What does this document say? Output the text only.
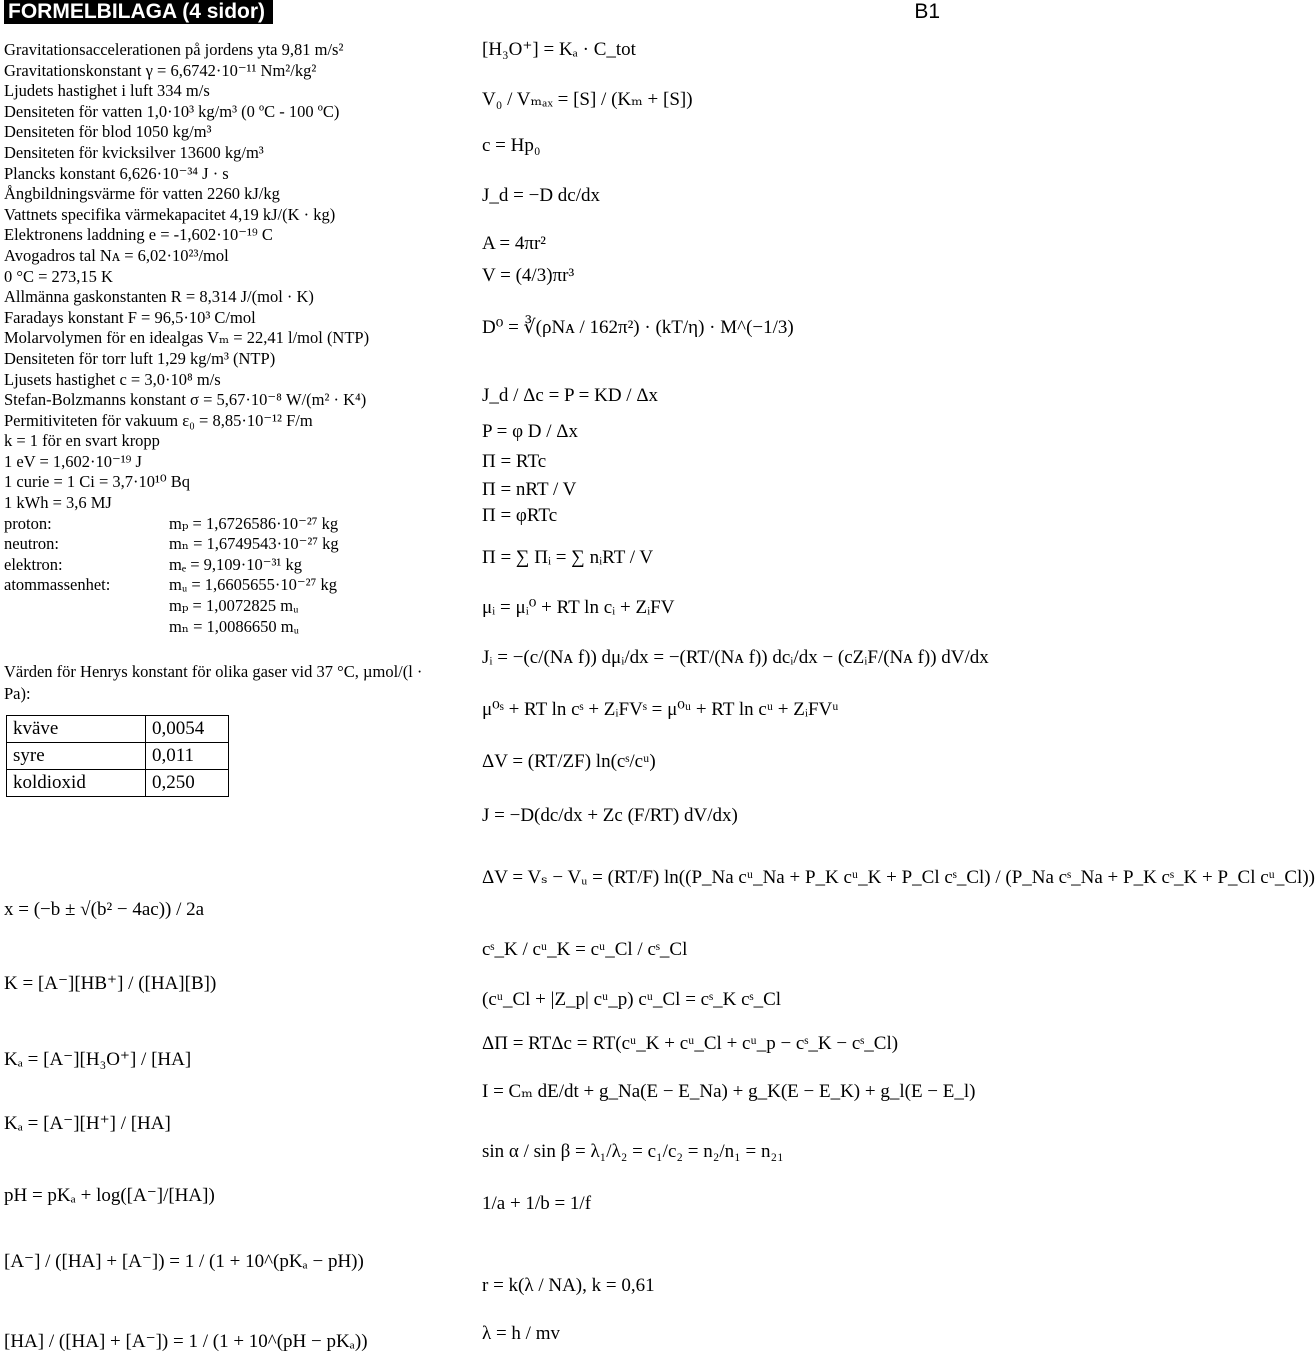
FORMELBILAGA (4 sidor)	B1
Gravitationsaccelerationen på jordens yta 9,81 m/s²
Gravitationskonstant γ = 6,6742·10⁻¹¹ Nm²/kg²
Ljudets hastighet i luft 334 m/s
Densiteten för vatten 1,0·10³ kg/m³ (0 ºC - 100 ºC)
Densiteten för blod 1050 kg/m³
Densiteten för kvicksilver 13600 kg/m³
Plancks konstant 6,626·10⁻³⁴ J · s
Ångbildningsvärme för vatten 2260 kJ/kg
Vattnets specifika värmekapacitet 4,19 kJ/(K · kg)
Elektronens laddning e = -1,602·10⁻¹⁹ C
Avogadros tal Nᴀ = 6,02·10²³/mol
0 °C = 273,15 K
Allmänna gaskonstanten R = 8,314 J/(mol · K)
Faradays konstant F = 96,5·10³ C/mol
Molarvolymen för en idealgas Vₘ = 22,41 l/mol (NTP)
Densiteten för torr luft 1,29 kg/m³ (NTP)
Ljusets hastighet c = 3,0·10⁸ m/s
Stefan-Bolzmanns konstant σ = 5,67·10⁻⁸ W/(m² · K⁴)
Permitiviteten för vakuum ε₀ = 8,85·10⁻¹² F/m
k = 1 för en svart kropp
1 eV = 1,602·10⁻¹⁹ J
1 curie = 1 Ci = 3,7·10¹⁰ Bq
1 kWh = 3,6 MJ
proton:	mₚ = 1,6726586·10⁻²⁷ kg
neutron:	mₙ = 1,6749543·10⁻²⁷ kg
elektron:	mₑ = 9,109·10⁻³¹ kg
atommassenhet:	mᵤ = 1,6605655·10⁻²⁷ kg
mₚ = 1,0072825 mᵤ
mₙ = 1,0086650 mᵤ
Värden för Henrys konstant för olika gaser vid 37 °C, µmol/(l · Pa):
kväve	0,0054
syre	0,011
koldioxid	0,250
x = (−b ± √(b² − 4ac)) / 2a
K = [A⁻][HB⁺] / ([HA][B])
Kₐ = [A⁻][H₃O⁺] / [HA]
Kₐ = [A⁻][H⁺] / [HA]
pH = pKₐ + log([A⁻]/[HA])
[A⁻] / ([HA] + [A⁻]) = 1 / (1 + 10^(pKₐ − pH))
[HA] / ([HA] + [A⁻]) = 1 / (1 + 10^(pH − pKₐ))
[H₃O⁺] = Kₐ · C_tot
V₀ / Vₘₐₓ = [S] / (Kₘ + [S])
c = Hp₀
J_d = −D dc/dx
A = 4πr²
V = (4/3)πr³
D⁰ = ∛(ρNᴀ / 162π²) · (kT/η) · M^(−1/3)
J_d / Δc = P = KD / Δx
P = φ D / Δx
Π = RTc
Π = nRT / V
Π = φRTc
Π = ∑ Πᵢ = ∑ nᵢRT / V
μᵢ = μᵢ⁰ + RT ln cᵢ + ZᵢFV
Jᵢ = −(c/(Nᴀ f)) dμᵢ/dx = −(RT/(Nᴀ f)) dcᵢ/dx − (cZᵢF/(Nᴀ f)) dV/dx
μ⁰ˢ + RT ln cˢ + ZᵢFVˢ = μ⁰ᵘ + RT ln cᵘ + ZᵢFVᵘ
ΔV = (RT/ZF) ln(cˢ/cᵘ)
J = −D(dc/dx + Zc (F/RT) dV/dx)
ΔV = Vₛ − Vᵤ = (RT/F) ln((P_Na cᵘ_Na + P_K cᵘ_K + P_Cl cˢ_Cl) / (P_Na cˢ_Na + P_K cˢ_K + P_Cl cᵘ_Cl))
cˢ_K / cᵘ_K = cᵘ_Cl / cˢ_Cl
(cᵘ_Cl + |Z_p| cᵘ_p) cᵘ_Cl = cˢ_K cˢ_Cl
ΔΠ = RTΔc = RT(cᵘ_K + cᵘ_Cl + cᵘ_p − cˢ_K − cˢ_Cl)
I = Cₘ dE/dt + g_Na(E − E_Na) + g_K(E − E_K) + g_l(E − E_l)
sin α / sin β = λ₁/λ₂ = c₁/c₂ = n₂/n₁ = n₂₁
1/a + 1/b = 1/f
r = k(λ / NA), k = 0,61
λ = h / mv
